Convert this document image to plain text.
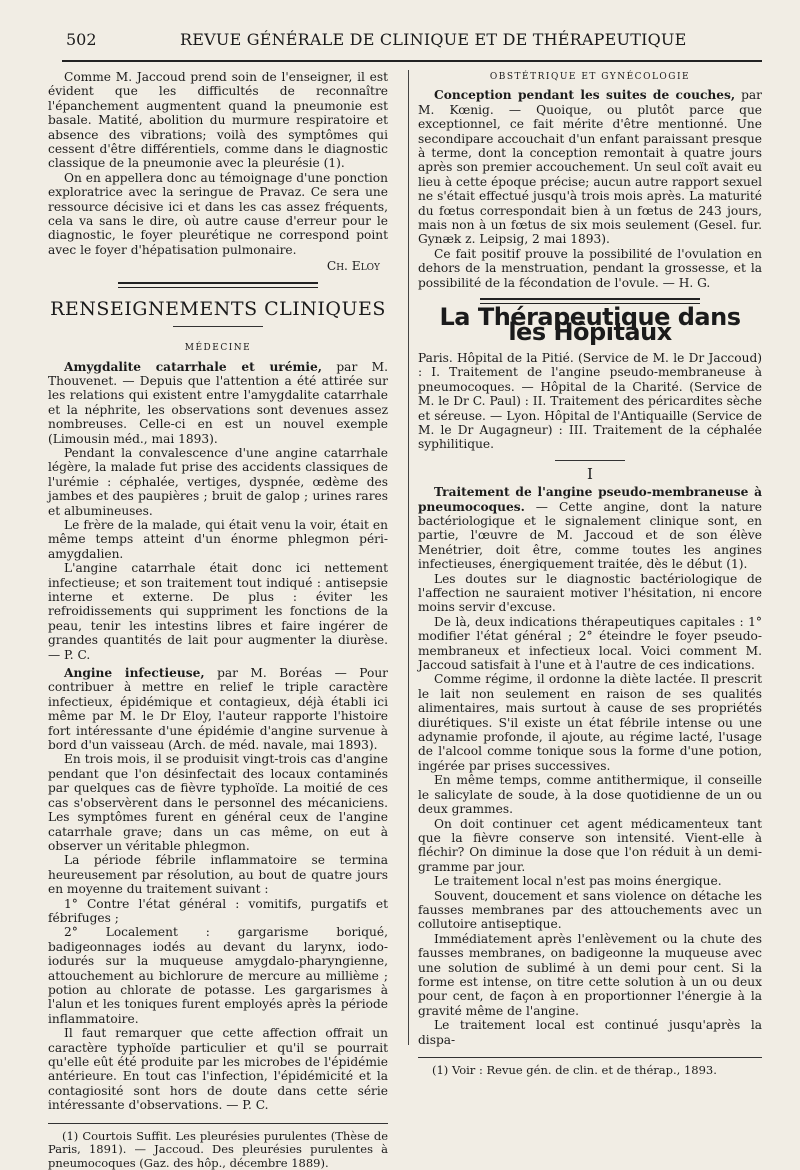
502	REVUE GÉNÉRALE DE CLINIQUE ET DE THÉRAPEUTIQUE

Comme M. Jaccoud prend soin de l'enseigner, il est évident que les difficultés de reconnaître l'épanchement augmentent quand la pneumonie est basale. Matité, abolition du murmure respiratoire et absence des vibrations; voilà des symptômes qui cessent d'être différentiels, comme dans le diagnostic classique de la pneumonie avec la pleurésie (1).

On en appellera donc au témoignage d'une ponction exploratrice avec la seringue de Pravaz. Ce sera une ressource décisive ici et dans les cas assez fréquents, cela va sans le dire, où autre cause d'erreur pour le diagnostic, le foyer pleurétique ne correspond point avec le foyer d'hépatisation pulmonaire.

Ch. Eloy
RENSEIGNEMENTS CLINIQUES
MÉDECINE

Amygdalite catarrhale et urémie, par M. Thouvenet. — Depuis que l'attention a été attirée sur les relations qui existent entre l'amygdalite catarrhale et la néphrite, les observations sont devenues assez nombreuses. Celle-ci en est un nouvel exemple (Limousin méd., mai 1893).

Pendant la convalescence d'une angine catarrhale légère, la malade fut prise des accidents classiques de l'urémie : céphalée, vertiges, dyspnée, œdème des jambes et des paupières ; bruit de galop ; urines rares et albumineuses.

Le frère de la malade, qui était venu la voir, était en même temps atteint d'un énorme phlegmon péri-amygdalien.

L'angine catarrhale était donc ici nettement infectieuse; et son traitement tout indiqué : antisepsie interne et externe. De plus : éviter les refroidissements qui suppriment les fonctions de la peau, tenir les intestins libres et faire ingérer de grandes quantités de lait pour augmenter la diurèse. — P. C.

Angine infectieuse, par M. Boréas — Pour contribuer à mettre en relief le triple caractère infectieux, épidémique et contagieux, déjà établi ici même par M. le Dr Eloy, l'auteur rapporte l'histoire fort intéressante d'une épidémie d'angine survenue à bord d'un vaisseau (Arch. de méd. navale, mai 1893).

En trois mois, il se produisit vingt-trois cas d'angine pendant que l'on désinfectait des locaux contaminés par quelques cas de fièvre typhoïde. La moitié de ces cas s'observèrent dans le personnel des mécaniciens. Les symptômes furent en général ceux de l'angine catarrhale grave; dans un cas même, on eut à observer un véritable phlegmon.

La période fébrile inflammatoire se termina heureusement par résolution, au bout de quatre jours en moyenne du traitement suivant :

1° Contre l'état général : vomitifs, purgatifs et fébrifuges ;

2° Localement : gargarisme boriqué, badigeonnages iodés au devant du larynx, iodo-iodurés sur la muqueuse amygdalo-pharyngienne, attouchement au bichlorure de mercure au millième ; potion au chlorate de potasse. Les gargarismes à l'alun et les toniques furent employés après la période inflammatoire.

Il faut remarquer que cette affection offrait un caractère typhoïde particulier et qu'il se pourrait qu'elle eût été produite par les microbes de l'épidémie antérieure. En tout cas l'infection, l'épidémicité et la contagiosité sont hors de doute dans cette série intéressante d'observations. — P. C.

(1) Courtois Suffit. Les pleurésies purulentes (Thèse de Paris, 1891). — Jaccoud. Des pleurésies purulentes à pneumocoques (Gaz. des hôp., décembre 1889).

OBSTÉTRIQUE ET GYNÉCOLOGIE

Conception pendant les suites de couches, par M. Kœnig. — Quoique, ou plutôt parce que exceptionnel, ce fait mérite d'être mentionné. Une secondipare accouchait d'un enfant paraissant presque à terme, dont la conception remontait à quatre jours après son premier accouchement. Un seul coït avait eu lieu à cette époque précise; aucun autre rapport sexuel ne s'était effectué jusqu'à trois mois après. La maturité du fœtus correspondait bien à un fœtus de 243 jours, mais non à un fœtus de six mois seulement (Gesel. fur. Gynæk z. Leipsig, 2 mai 1893).

Ce fait positif prouve la possibilité de l'ovulation en dehors de la menstruation, pendant la grossesse, et la possibilité de la fécondation de l'ovule. — H. G.

La Thérapeutique dans les Hôpitaux

Paris. Hôpital de la Pitié. (Service de M. le Dr Jaccoud) : I. Traitement de l'angine pseudo-membraneuse à pneumocoques. — Hôpital de la Charité. (Service de M. le Dr C. Paul) : II. Traitement des péricardites sèche et séreuse. — Lyon. Hôpital de l'Antiquaille (Service de M. le Dr Augagneur) : III. Traitement de la céphalée syphilitique.

I

Traitement de l'angine pseudo-membraneuse à pneumocoques. — Cette angine, dont la nature bactériologique et le signalement clinique sont, en partie, l'œuvre de M. Jaccoud et de son élève Menétrier, doit être, comme toutes les angines infectieuses, énergiquement traitée, dès le début (1).

Les doutes sur le diagnostic bactériologique de l'affection ne sauraient motiver l'hésitation, ni encore moins servir d'excuse.

De là, deux indications thérapeutiques capitales : 1° modifier l'état général ; 2° éteindre le foyer pseudo-membraneux et infectieux local. Voici comment M. Jaccoud satisfait à l'une et à l'autre de ces indications.

Comme régime, il ordonne la diète lactée. Il prescrit le lait non seulement en raison de ses qualités alimentaires, mais surtout à cause de ses propriétés diurétiques. S'il existe un état fébrile intense ou une adynamie profonde, il ajoute, au régime lacté, l'usage de l'alcool comme tonique sous la forme d'une potion, ingérée par prises successives.

En même temps, comme antithermique, il conseille le salicylate de soude, à la dose quotidienne de un ou deux grammes.

On doit continuer cet agent médicamenteux tant que la fièvre conserve son intensité. Vient-elle à fléchir? On diminue la dose que l'on réduit à un demi-gramme par jour.

Le traitement local n'est pas moins énergique.

Souvent, doucement et sans violence on détache les fausses membranes par des attouchements avec un collutoire antiseptique.

Immédiatement après l'enlèvement ou la chute des fausses membranes, on badigeonne la muqueuse avec une solution de sublimé à un demi pour cent. Si la forme est intense, on titre cette solution à un ou deux pour cent, de façon à en proportionner l'énergie à la gravité même de l'angine.

Le traitement local est continué jusqu'après la dispa-

(1) Voir : Revue gén. de clin. et de thérap., 1893.
